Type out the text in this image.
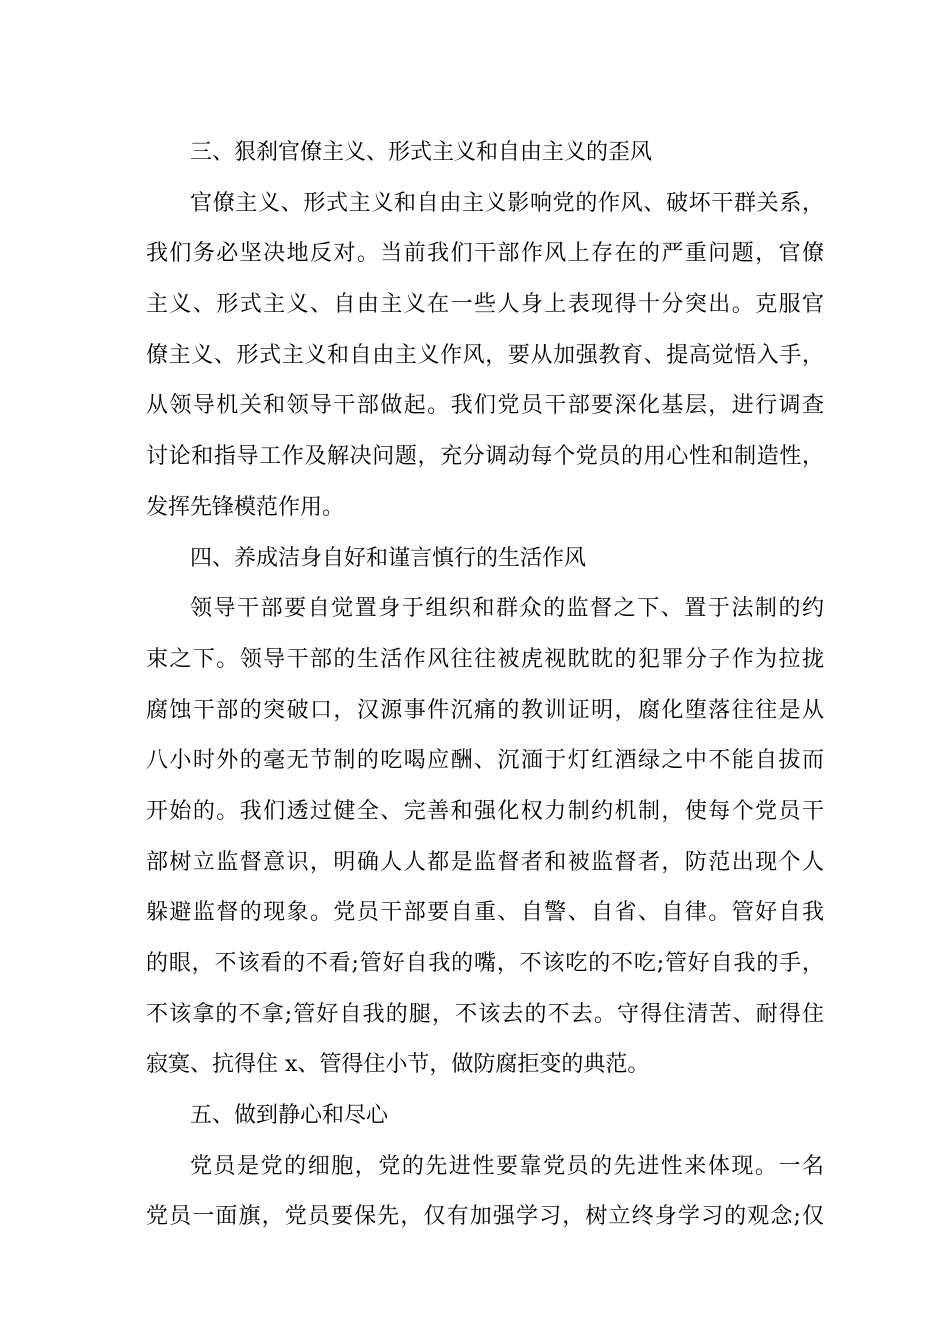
三、狠刹官僚主义、形式主义和自由主义的歪风
官僚主义、形式主义和自由主义影响党的作风、破坏干群关系，
我们务必坚决地反对。当前我们干部作风上存在的严重问题，官僚
主义、形式主义、自由主义在一些人身上表现得十分突出。克服官
僚主义、形式主义和自由主义作风，要从加强教育、提高觉悟入手，
从领导机关和领导干部做起。我们党员干部要深化基层，进行调查
讨论和指导工作及解决问题，充分调动每个党员的用心性和制造性，
发挥先锋模范作用。
四、养成洁身自好和谨言慎行的生活作风
领导干部要自觉置身于组织和群众的监督之下、置于法制的约
束之下。领导干部的生活作风往往被虎视眈眈的犯罪分子作为拉拢
腐蚀干部的突破口，汉源事件沉痛的教训证明，腐化堕落往往是从
八小时外的毫无节制的吃喝应酬、沉湎于灯红酒绿之中不能自拔而
开始的。我们透过健全、完善和强化权力制约机制，使每个党员干
部树立监督意识，明确人人都是监督者和被监督者，防范出现个人
躲避监督的现象。党员干部要自重、自警、自省、自律。管好自我
的眼，不该看的不看;管好自我的嘴，不该吃的不吃;管好自我的手，
不该拿的不拿;管好自我的腿，不该去的不去。守得住清苦、耐得住
寂寞、抗得住 x、管得住小节，做防腐拒变的典范。
五、做到静心和尽心
党员是党的细胞，党的先进性要靠党员的先进性来体现。一名
党员一面旗，党员要保先，仅有加强学习，树立终身学习的观念;仅
